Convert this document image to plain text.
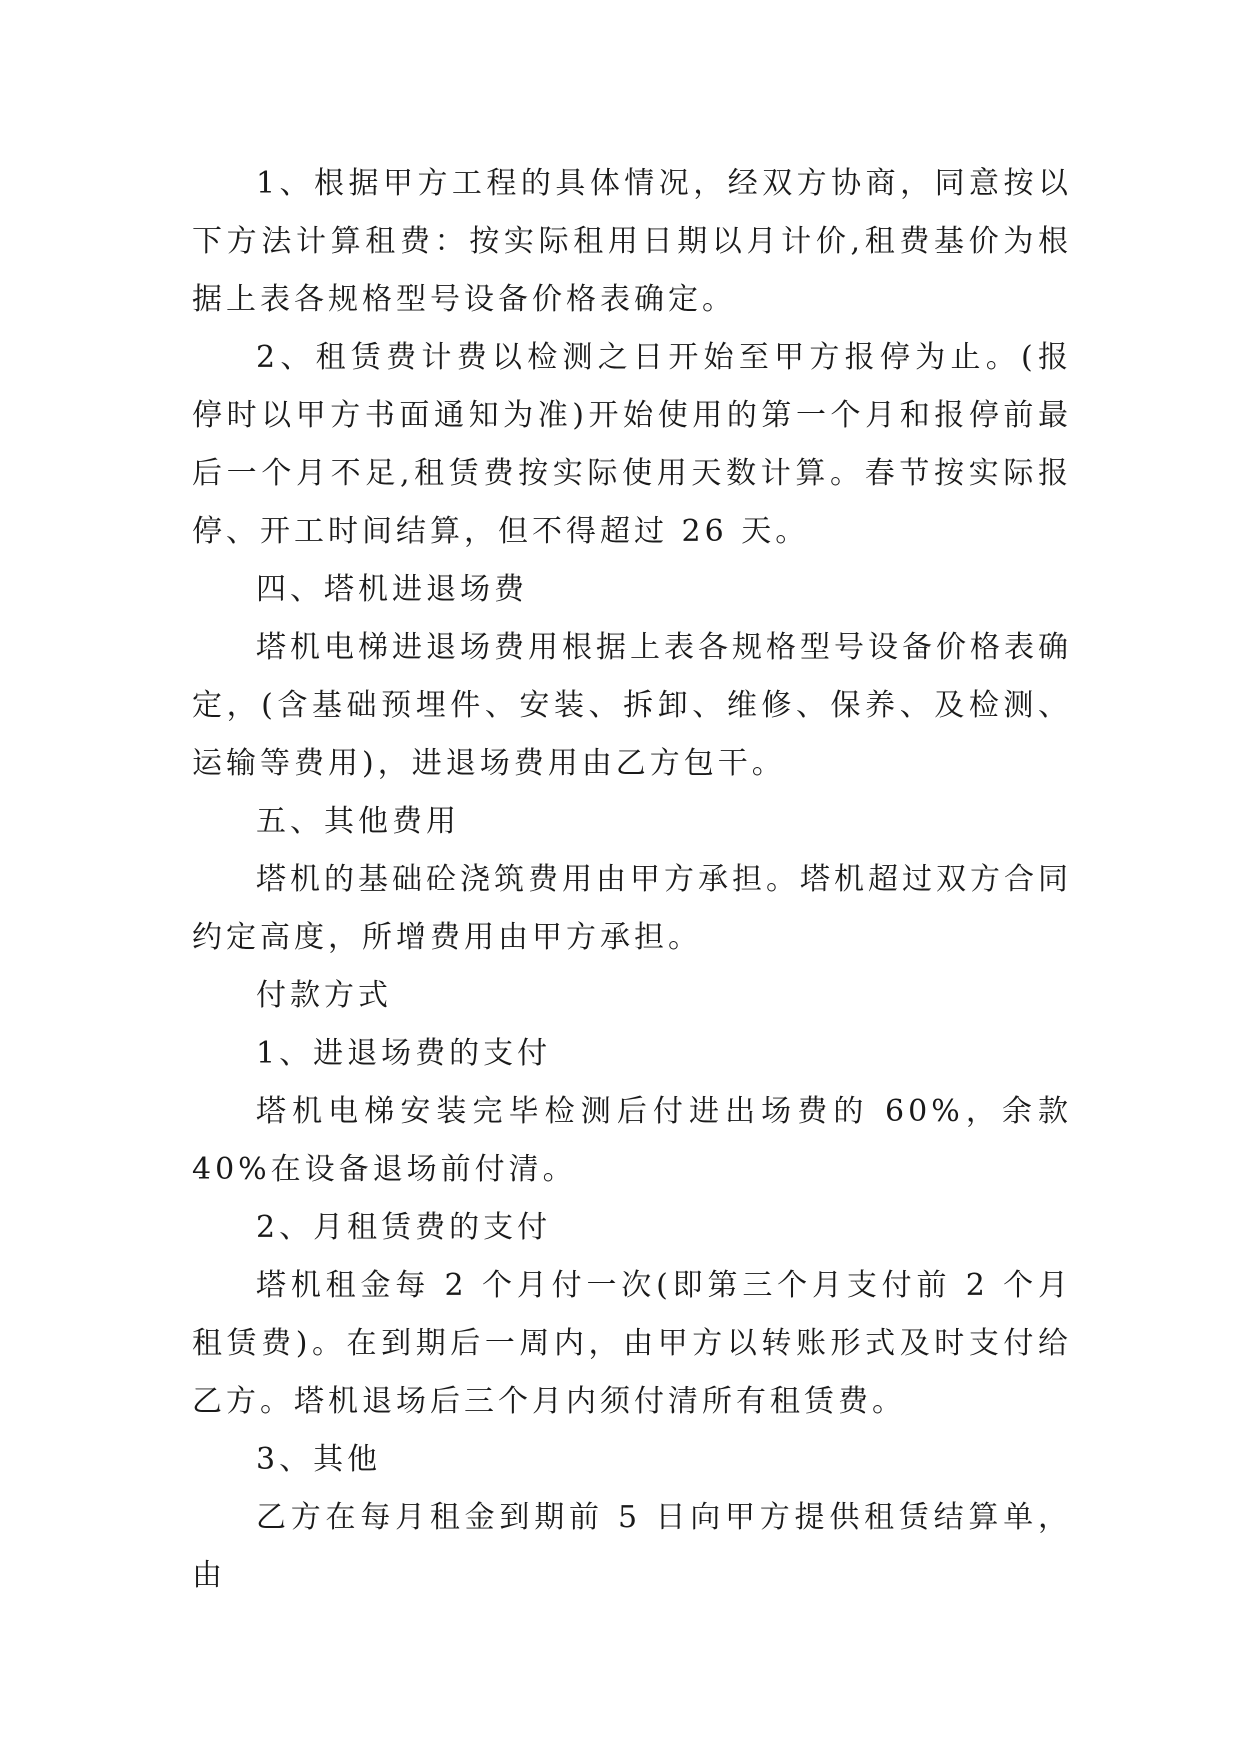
1、根据甲方工程的具体情况，经双方协商，同意按以下方法计算租费：按实际租用日期以月计价,租费基价为根据上表各规格型号设备价格表确定。

2、租赁费计费以检测之日开始至甲方报停为止。(报停时以甲方书面通知为准)开始使用的第一个月和报停前最后一个月不足,租赁费按实际使用天数计算。春节按实际报停、开工时间结算，但不得超过 26 天。

四、塔机进退场费

塔机电梯进退场费用根据上表各规格型号设备价格表确定，(含基础预埋件、安装、拆卸、维修、保养、及检测、运输等费用)，进退场费用由乙方包干。

五、其他费用

塔机的基础砼浇筑费用由甲方承担。塔机超过双方合同约定高度，所增费用由甲方承担。

付款方式

1、进退场费的支付

塔机电梯安装完毕检测后付进出场费的 60%，余款 40%在设备退场前付清。

2、月租赁费的支付

塔机租金每 2 个月付一次(即第三个月支付前 2 个月租赁费)。在到期后一周内，由甲方以转账形式及时支付给乙方。塔机退场后三个月内须付清所有租赁费。

3、其他

乙方在每月租金到期前 5 日向甲方提供租赁结算单，由
